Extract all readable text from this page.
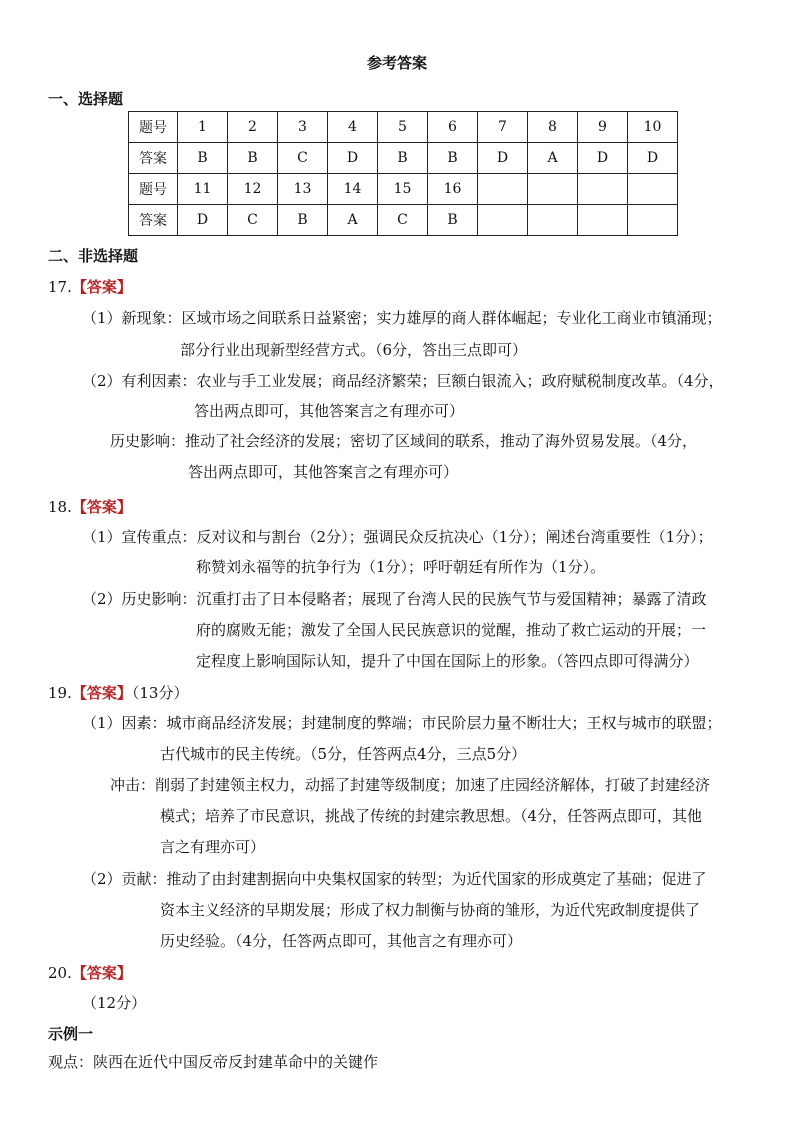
参考答案
一、选择题
题号	1	2	3	4	5	6	7	8	9	10
答案	B	B	C	D	B	B	D	A	D	D
题号	11	12	13	14	15	16				
答案	D	C	B	A	C	B				
二、非选择题
17.【答案】
（1）新现象：区域市场之间联系日益紧密；实力雄厚的商人群体崛起；专业化工商业市镇涌现；
部分行业出现新型经营方式。（6分，答出三点即可）
（2）有利因素：农业与手工业发展；商品经济繁荣；巨额白银流入；政府赋税制度改革。（4分，
答出两点即可，其他答案言之有理亦可）
历史影响：推动了社会经济的发展；密切了区域间的联系，推动了海外贸易发展。（4分，
答出两点即可，其他答案言之有理亦可）
18.【答案】
（1）宣传重点：反对议和与割台（2分）；强调民众反抗决心（1分）；阐述台湾重要性（1分）；
称赞刘永福等的抗争行为（1分）；呼吁朝廷有所作为（1分）。
（2）历史影响：沉重打击了日本侵略者；展现了台湾人民的民族气节与爱国精神；暴露了清政
府的腐败无能；激发了全国人民民族意识的觉醒，推动了救亡运动的开展；一
定程度上影响国际认知，提升了中国在国际上的形象。（答四点即可得满分）
19.【答案】（13分）
（1）因素：城市商品经济发展；封建制度的弊端；市民阶层力量不断壮大；王权与城市的联盟；
古代城市的民主传统。（5分，任答两点4分，三点5分）
冲击：削弱了封建领主权力，动摇了封建等级制度；加速了庄园经济解体，打破了封建经济
模式；培养了市民意识，挑战了传统的封建宗教思想。（4分，任答两点即可，其他
言之有理亦可）
（2）贡献：推动了由封建割据向中央集权国家的转型；为近代国家的形成奠定了基础；促进了
资本主义经济的早期发展；形成了权力制衡与协商的雏形，为近代宪政制度提供了
历史经验。（4分，任答两点即可，其他言之有理亦可）
20.【答案】
（12分）
示例一
观点：陕西在近代中国反帝反封建革命中的关键作
